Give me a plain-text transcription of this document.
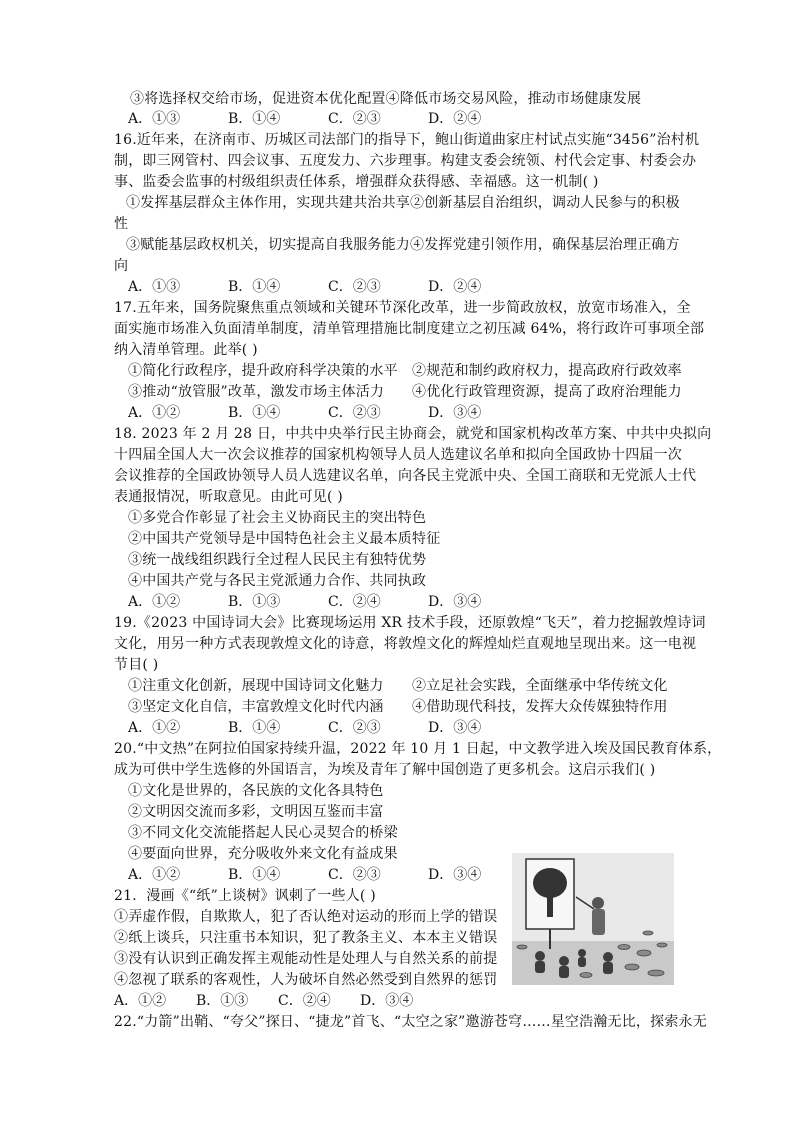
③将选择权交给市场，促进资本优化配置④降低市场交易风险，推动市场健康发展
A．①③	B．①④	C．②③	D．②④
16.近年来，在济南市、历城区司法部门的指导下，鲍山街道曲家庄村试点实施“3456”治村机
制，即三网管村、四会议事、五度发力、六步理事。构建支委会统领、村代会定事、村委会办
事、监委会监事的村级组织责任体系，增强群众获得感、幸福感。这一机制( )
①发挥基层群众主体作用，实现共建共治共享②创新基层自治组织，调动人民参与的积极
性
③赋能基层政权机关，切实提高自我服务能力④发挥党建引领作用，确保基层治理正确方
向
A．①③	B．①④	C．②③	D．②④
17.五年来，国务院聚焦重点领域和关键环节深化改革，进一步简政放权，放宽市场准入，全
面实施市场准入负面清单制度，清单管理措施比制度建立之初压减 64%，将行政许可事项全部
纳入清单管理。此举( )
①简化行政程序，提升政府科学决策的水平 ②规范和制约政府权力，提高政府行政效率
③推动“放管服”改革，激发市场主体活力 ④优化行政管理资源，提高了政府治理能力
A．①②	B．①④	C．②③	D．③④
18. 2023 年 2 月 28 日，中共中央举行民主协商会，就党和国家机构改革方案、中共中央拟向
十四届全国人大一次会议推荐的国家机构领导人员人选建议名单和拟向全国政协十四届一次
会议推荐的全国政协领导人员人选建议名单，向各民主党派中央、全国工商联和无党派人士代
表通报情况，听取意见。由此可见( )
①多党合作彰显了社会主义协商民主的突出特色
②中国共产党领导是中国特色社会主义最本质特征
③统一战线组织践行全过程人民民主有独特优势
④中国共产党与各民主党派通力合作、共同执政
A．①②	B．①③	C．②④	D．③④
19.《2023 中国诗词大会》比赛现场运用 XR 技术手段，还原敦煌“飞天”，着力挖掘敦煌诗词
文化，用另一种方式表现敦煌文化的诗意，将敦煌文化的辉煌灿烂直观地呈现出来。这一电视
节目( )
①注重文化创新，展现中国诗词文化魅力 ②立足社会实践，全面继承中华传统文化
③坚定文化自信，丰富敦煌文化时代内涵 ④借助现代科技，发挥大众传媒独特作用
A．①②	B．①④	C．②③	D．③④
20.“中文热”在阿拉伯国家持续升温，2022 年 10 月 1 日起，中文教学进入埃及国民教育体系，
成为可供中学生选修的外国语言，为埃及青年了解中国创造了更多机会。这启示我们( )
①文化是世界的，各民族的文化各具特色
②文明因交流而多彩，文明因互鉴而丰富
③不同文化交流能搭起人民心灵契合的桥梁
④要面向世界，充分吸收外来文化有益成果
A．①②	B．①④	C．②③	D．③④
21．漫画《“纸”上谈树》讽刺了一些人( )
①弄虚作假，自欺欺人，犯了否认绝对运动的形而上学的错误
②纸上谈兵，只注重书本知识，犯了教条主义、本本主义错误
③没有认识到正确发挥主观能动性是处理人与自然关系的前提
④忽视了联系的客观性，人为破坏自然必然受到自然界的惩罚
A．①② B．①③ C．②④ D．③④
22.“力箭”出鞘、“夸父”探日、“捷龙”首飞、“太空之家”邀游苍穹……星空浩瀚无比，探索永无
